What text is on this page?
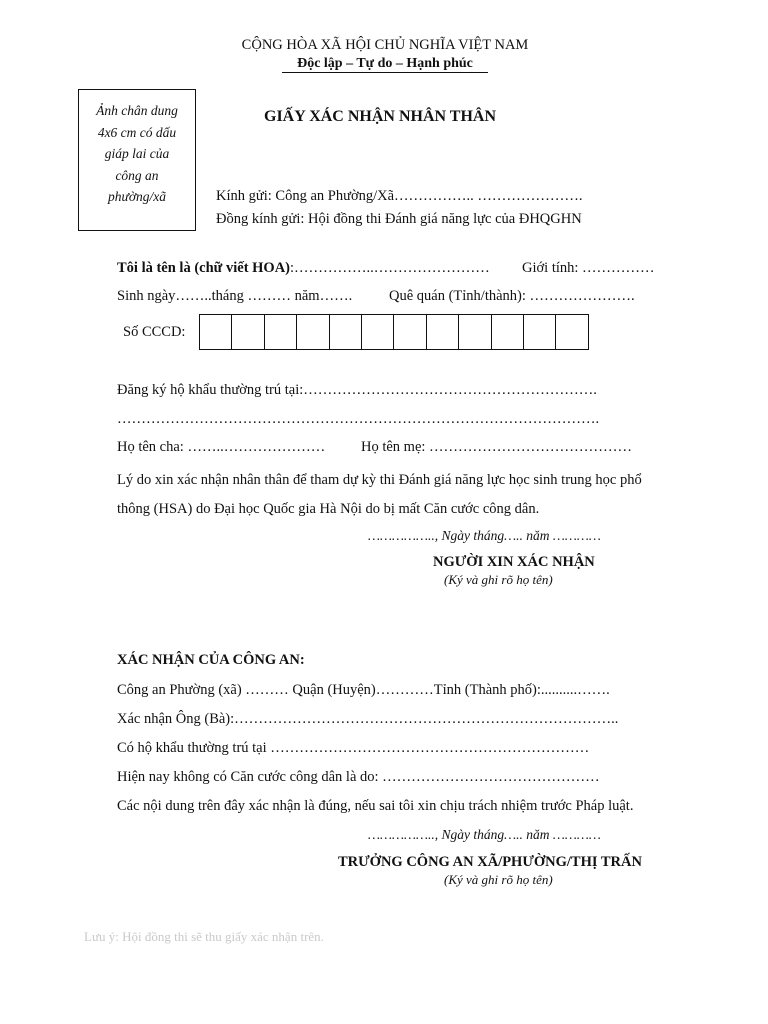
CỘNG HÒA XÃ HỘI CHỦ NGHĨA VIỆT NAM
Độc lập – Tự do – Hạnh phúc
Ảnh chân dung
4x6 cm có dấu
giáp lai của
công an
phường/xã
GIẤY XÁC NHẬN NHÂN THÂN
Kính gửi: Công an Phường/Xã…………….. ………………….
Đồng kính gửi: Hội đồng thi Đánh giá năng lực của ĐHQGHN
Tôi là tên là (chữ viết HOA):……………..…………………… Giới tính: ……………
Sinh ngày……..tháng ……… năm…….	Quê quán (Tỉnh/thành): ………………….
Số CCCD:
Đăng ký hộ khẩu thường trú tại:…………………………………………………….
……………………………………………………………………………………….
Họ tên cha: ……..………………… Họ tên mẹ: ……………………………………
Lý do xin xác nhận nhân thân để tham dự kỳ thi Đánh giá năng lực học sinh trung học phổ
thông (HSA) do Đại học Quốc gia Hà Nội do bị mất Căn cước công dân.
…………….., Ngày tháng….. năm …………
NGƯỜI XIN XÁC NHẬN
(Ký và ghi rõ họ tên)
XÁC NHẬN CỦA CÔNG AN:
Công an Phường (xã) ……… Quận (Huyện)…………Tỉnh (Thành phố):..........…….
Xác nhận Ông (Bà):……………………………………………………………………..
Có hộ khẩu thường trú tại …………………………………………………………
Hiện nay không có Căn cước công dân là do: ………………………………………
Các nội dung trên đây xác nhận là đúng, nếu sai tôi xin chịu trách nhiệm trước Pháp luật.
…………….., Ngày tháng….. năm …………
TRƯỞNG CÔNG AN XÃ/PHƯỜNG/THỊ TRẤN
(Ký và ghi rõ họ tên)
Lưu ý: Hội đồng thi sẽ thu giấy xác nhận trên.
